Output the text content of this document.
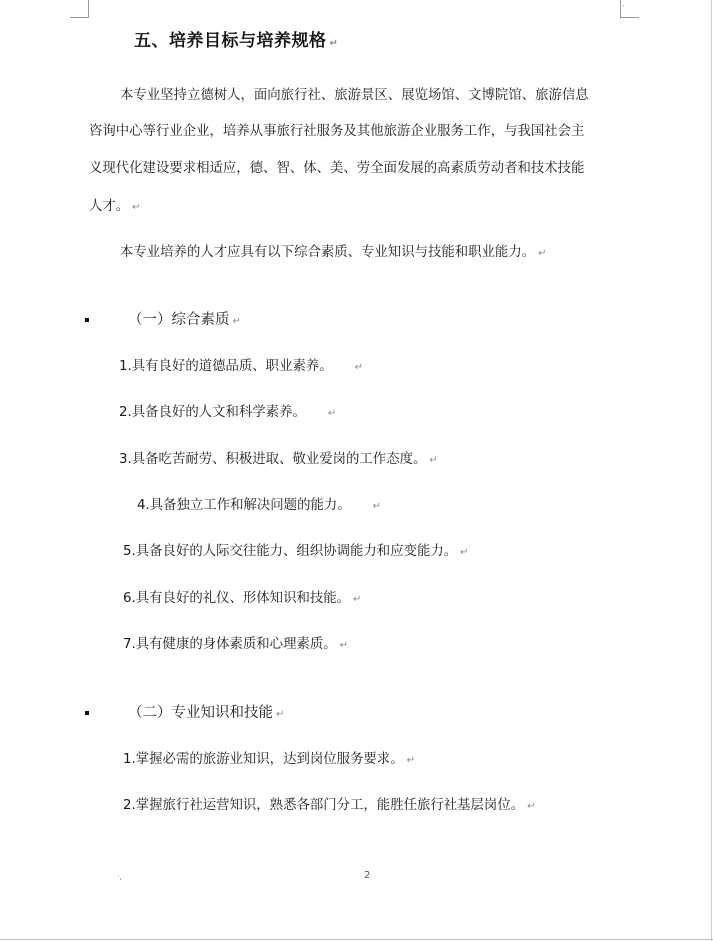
·
五、培养目标与培养规格 ↵
本专业坚持立德树人，面向旅行社、旅游景区、展览场馆、文博院馆、旅游信息
咨询中心等行业企业，培养从事旅行社服务及其他旅游企业服务工作，与我国社会主
义现代化建设要求相适应，德、智、体、美、劳全面发展的高素质劳动者和技术技能
人才。 ↵
本专业培养的人才应具有以下综合素质、专业知识与技能和职业能力。 ↵
（一）综合素质 ↵
1.具有良好的道德品质、职业素养。 ↵
2.具备良好的人文和科学素养。 ↵
3.具备吃苦耐劳、积极进取、敬业爱岗的工作态度。 ↵
4.具备独立工作和解决问题的能力。 ↵
5.具备良好的人际交往能力、组织协调能力和应变能力。 ↵
6.具有良好的礼仪、形体知识和技能。 ↵
7.具有健康的身体素质和心理素质。 ↵
（二）专业知识和技能 ↵
1.掌握必需的旅游业知识，达到岗位服务要求。 ↵
2.掌握旅行社运营知识，熟悉各部门分工，能胜任旅行社基层岗位。 ↵
·,	2
